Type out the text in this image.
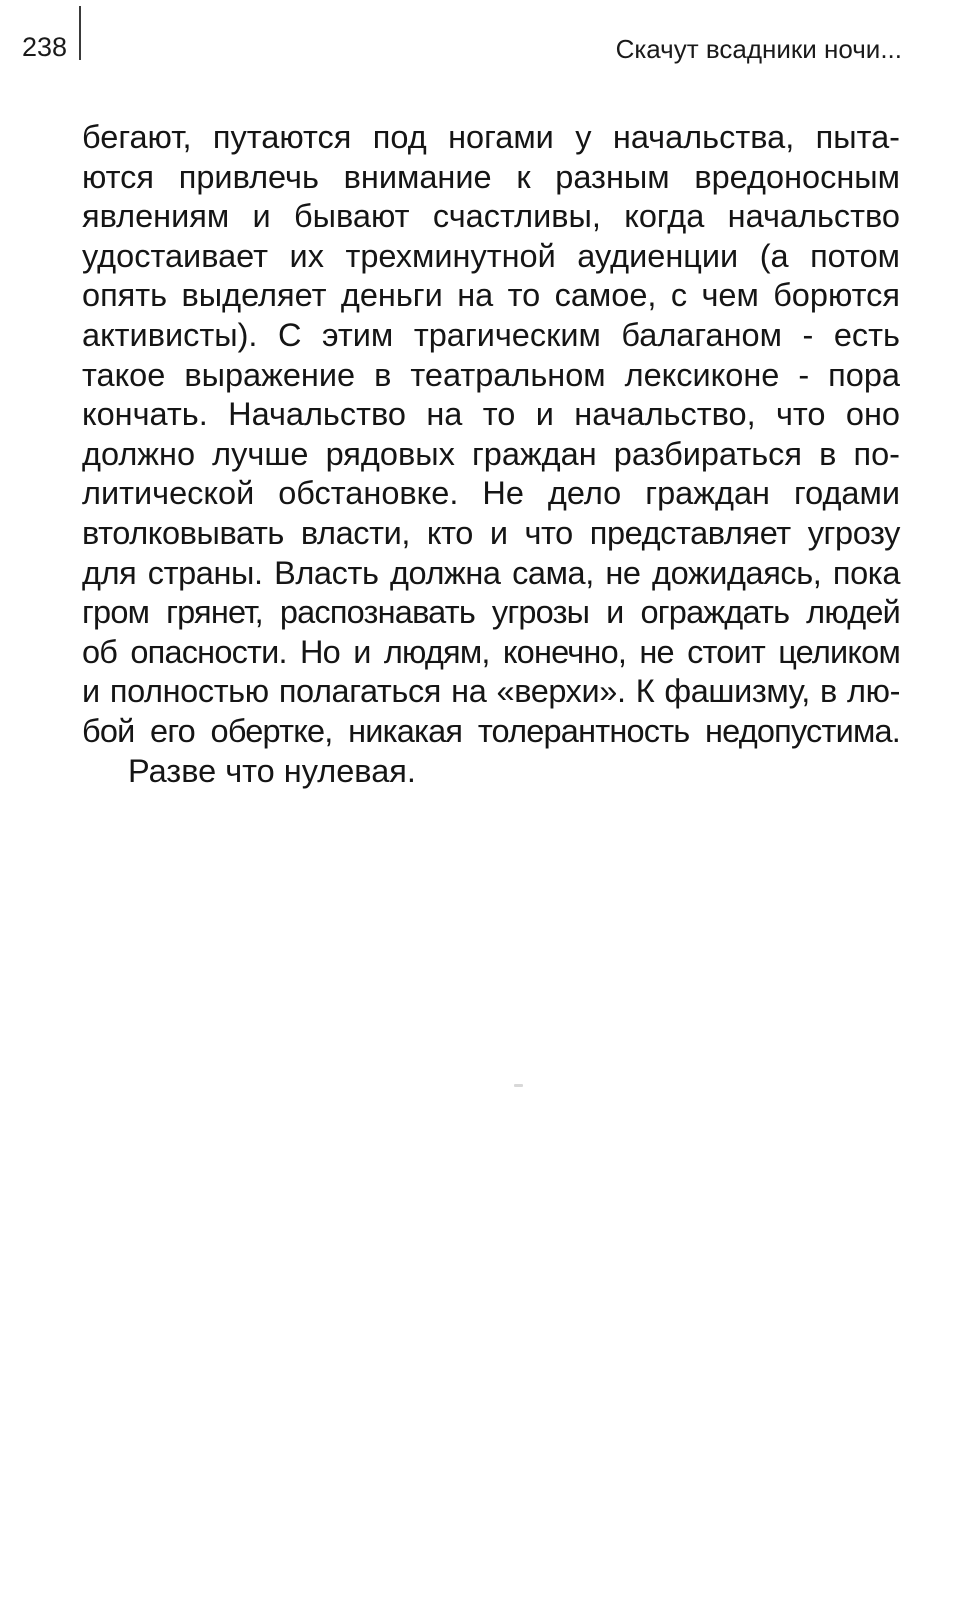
238	Скачут всадники ночи...
бегают, путаются под ногами у начальства, пыта-
ются привлечь внимание к разным вредоносным
явлениям и бывают счастливы, когда начальство
удостаивает их трехминутной аудиенции (а потом
опять выделяет деньги на то самое, с чем борются
активисты). С этим трагическим балаганом - есть
такое выражение в театральном лексиконе - пора
кончать. Начальство на то и начальство, что оно
должно лучше рядовых граждан разбираться в по-
литической обстановке. Не дело граждан годами
втолковывать власти, кто и что представляет угрозу
для страны. Власть должна сама, не дожидаясь, пока
гром грянет, распознавать угрозы и ограждать людей
об опасности. Но и людям, конечно, не стоит целиком
и полностью полагаться на «верхи». К фашизму, в лю-
бой его обертке, никакая толерантность недопустима.
Разве что нулевая.
